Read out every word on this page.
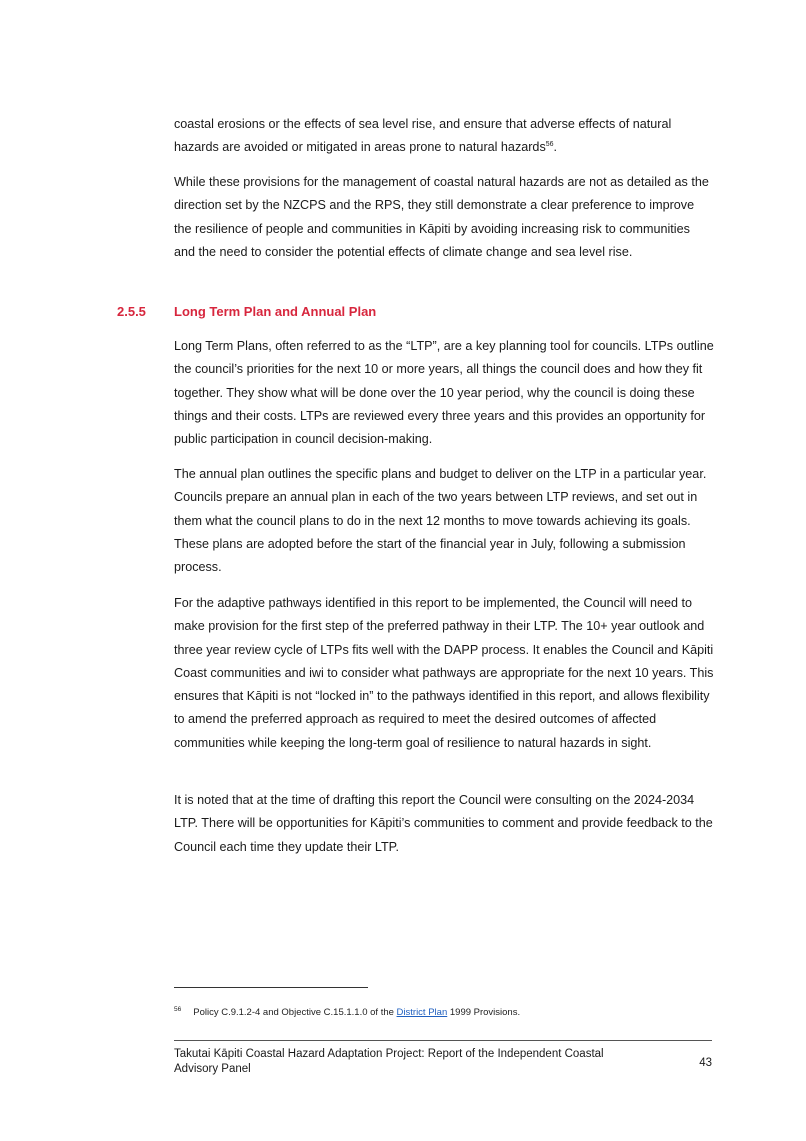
coastal erosions or the effects of sea level rise, and ensure that adverse effects of natural hazards are avoided or mitigated in areas prone to natural hazards$^{56}$.

While these provisions for the management of coastal natural hazards are not as detailed as the direction set by the NZCPS and the RPS, they still demonstrate a clear preference to improve the resilience of people and communities in Kāpiti by avoiding increasing risk to communities and the need to consider the potential effects of climate change and sea level rise.

2.5.5 Long Term Plan and Annual Plan

Long Term Plans, often referred to as the “LTP”, are a key planning tool for councils. LTPs outline the council’s priorities for the next 10 or more years, all things the council does and how they fit together. They show what will be done over the 10 year period, why the council is doing these things and their costs. LTPs are reviewed every three years and this provides an opportunity for public participation in council decision-making.

The annual plan outlines the specific plans and budget to deliver on the LTP in a particular year. Councils prepare an annual plan in each of the two years between LTP reviews, and set out in them what the council plans to do in the next 12 months to move towards achieving its goals. These plans are adopted before the start of the financial year in July, following a submission process.

For the adaptive pathways identified in this report to be implemented, the Council will need to make provision for the first step of the preferred pathway in their LTP. The 10+ year outlook and three year review cycle of LTPs fits well with the DAPP process. It enables the Council and Kāpiti Coast communities and iwi to consider what pathways are appropriate for the next 10 years. This ensures that Kāpiti is not “locked in” to the pathways identified in this report, and allows flexibility to amend the preferred approach as required to meet the desired outcomes of affected communities while keeping the long-term goal of resilience to natural hazards in sight.

It is noted that at the time of drafting this report the Council were consulting on the 2024-2034 LTP. There will be opportunities for Kāpiti’s communities to comment and provide feedback to the Council each time they update their LTP.

$^{56}$ Policy C.9.1.2-4 and Objective C.15.1.1.0 of the District Plan 1999 Provisions.
Takutai Kāpiti Coastal Hazard Adaptation Project: Report of the Independent Coastal Advisory Panel	43
